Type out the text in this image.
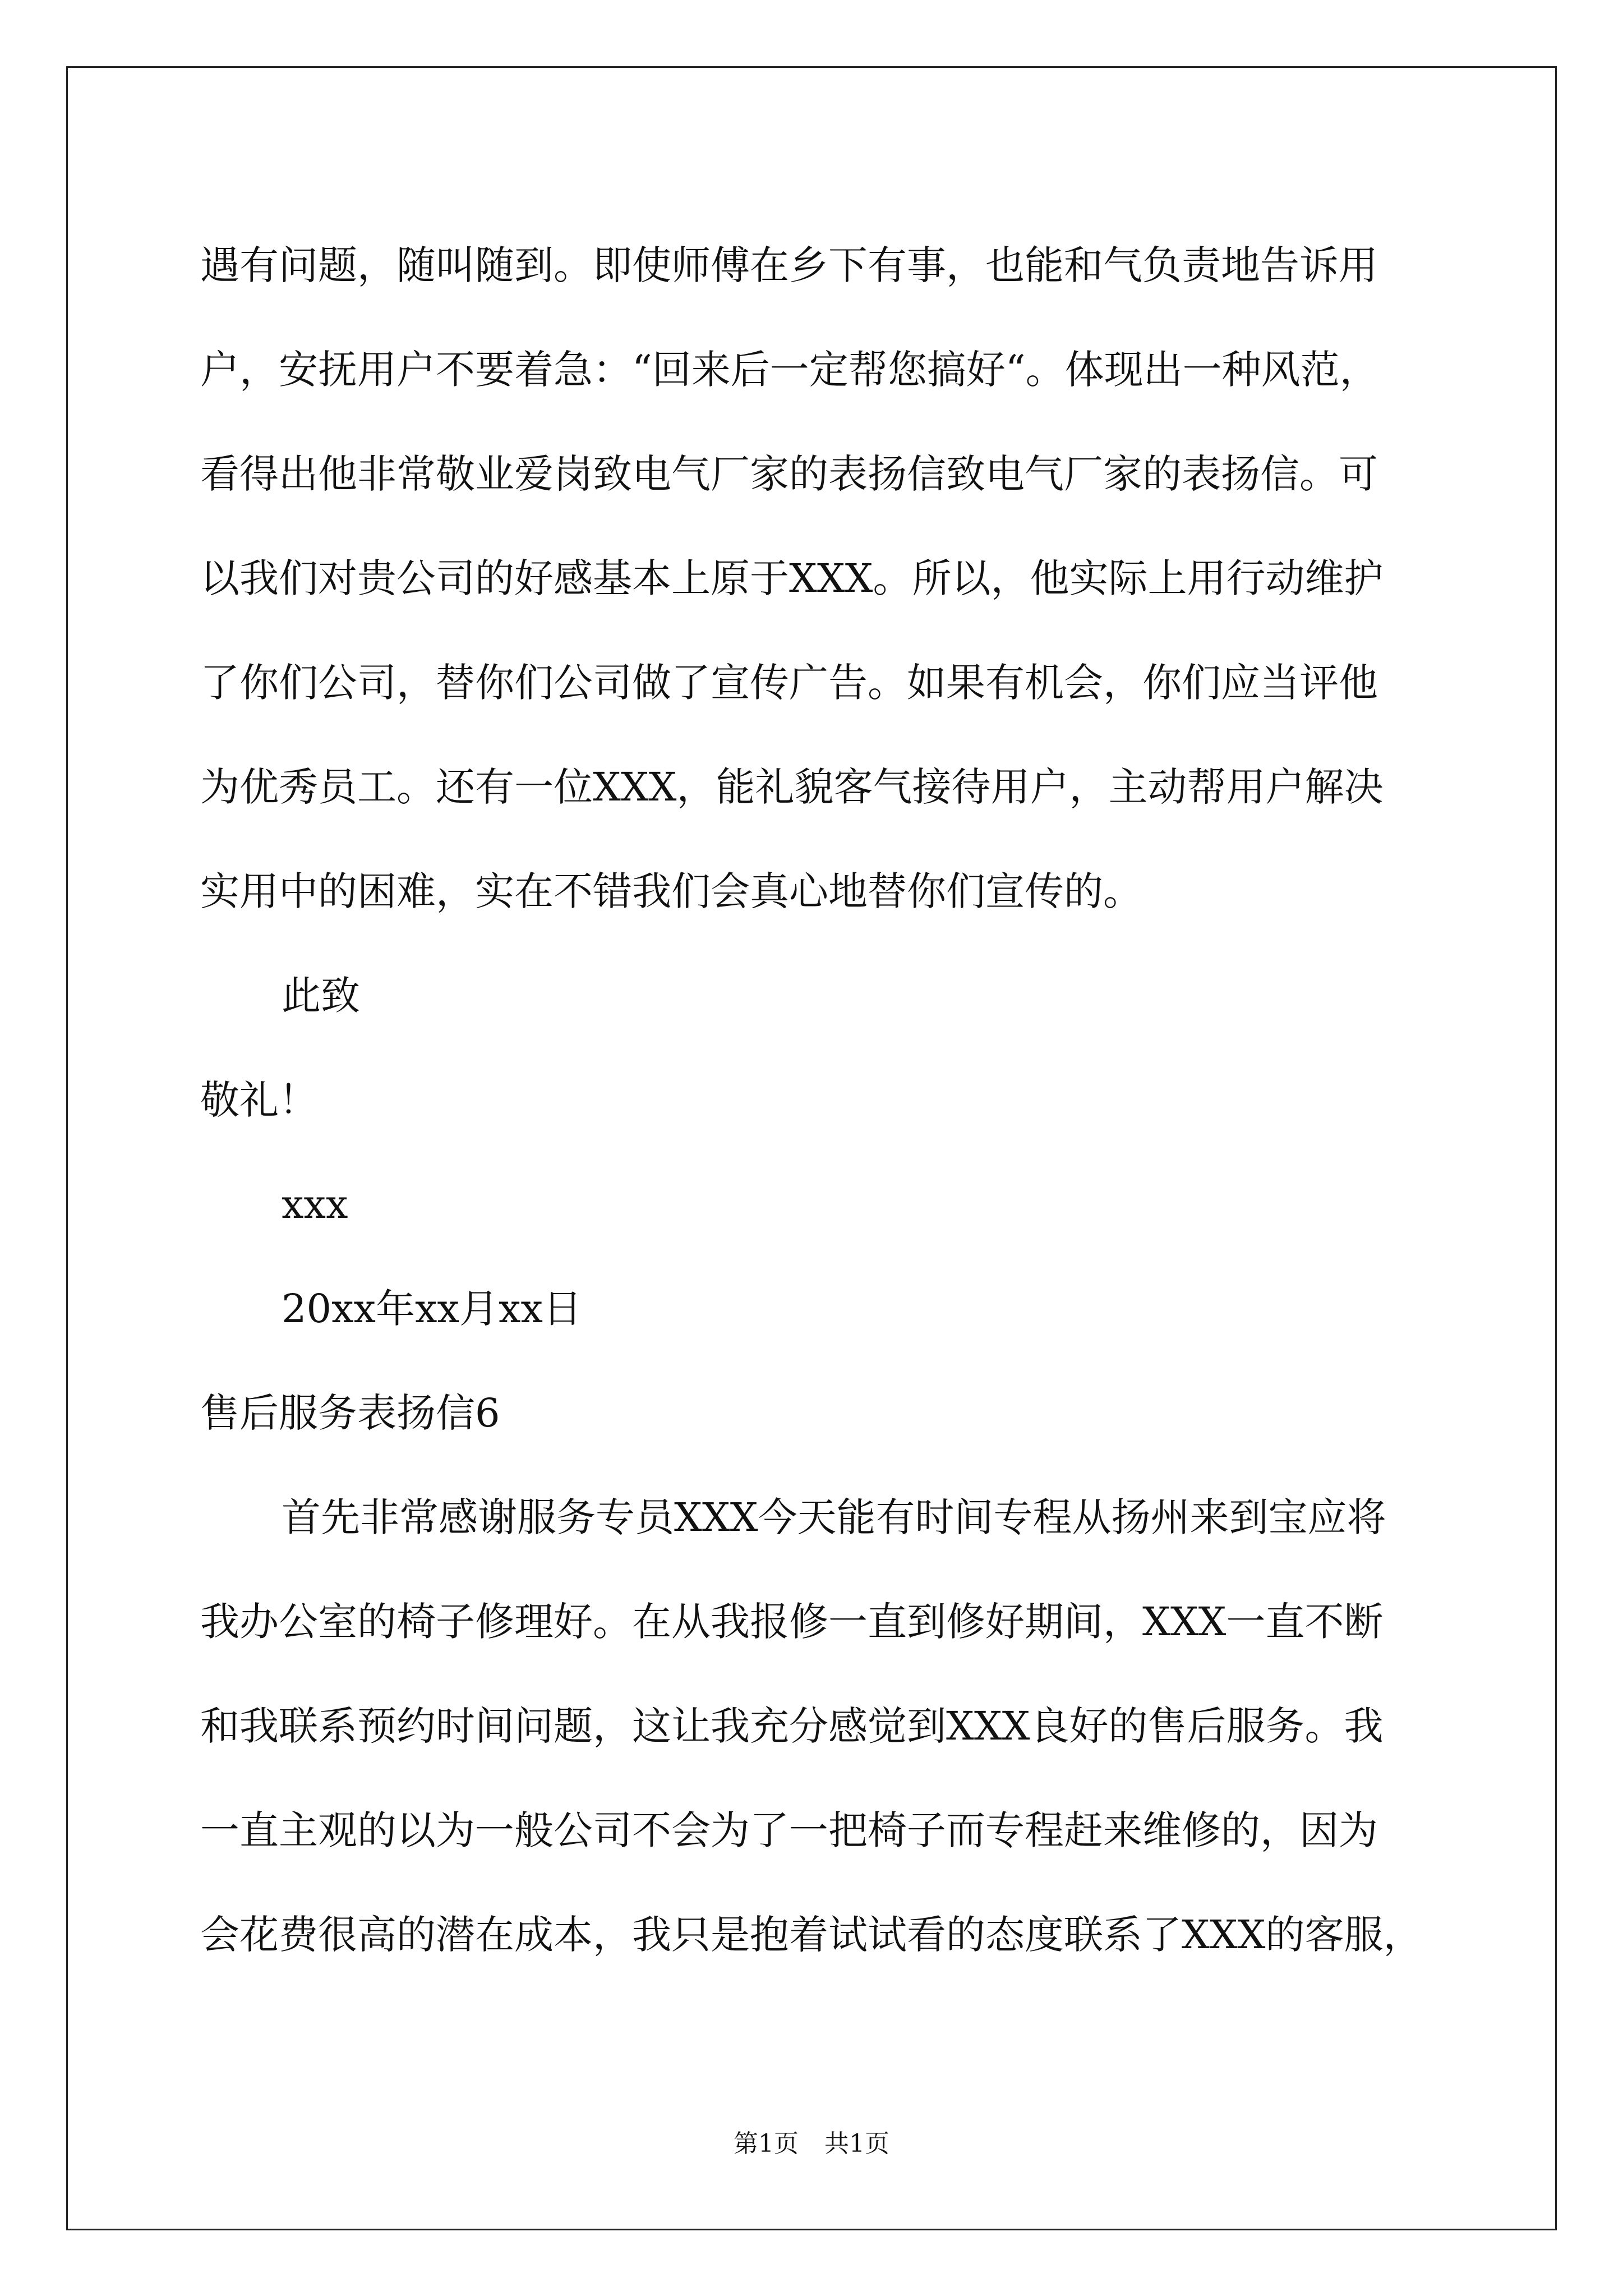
遇有问题，随叫随到。即使师傅在乡下有事，也能和气负责地告诉用

户，安抚用户不要着急：“回来后一定帮您搞好“。体现出一种风范，

看得出他非常敬业爱岗致电气厂家的表扬信致电气厂家的表扬信。可

以我们对贵公司的好感基本上原于XXX。所以，他实际上用行动维护

了你们公司，替你们公司做了宣传广告。如果有机会，你们应当评他

为优秀员工。还有一位XXX，能礼貌客气接待用户，主动帮用户解决

实用中的困难，实在不错我们会真心地替你们宣传的。

此致

敬礼！

xxx

20xx年xx月xx日

售后服务表扬信6

首先非常感谢服务专员XXX今天能有时间专程从扬州来到宝应将

我办公室的椅子修理好。在从我报修一直到修好期间，XXX一直不断

和我联系预约时间问题，这让我充分感觉到XXX良好的售后服务。我

一直主观的以为一般公司不会为了一把椅子而专程赶来维修的，因为

会花费很高的潜在成本，我只是抱着试试看的态度联系了XXX的客服，

第1页 共1页
